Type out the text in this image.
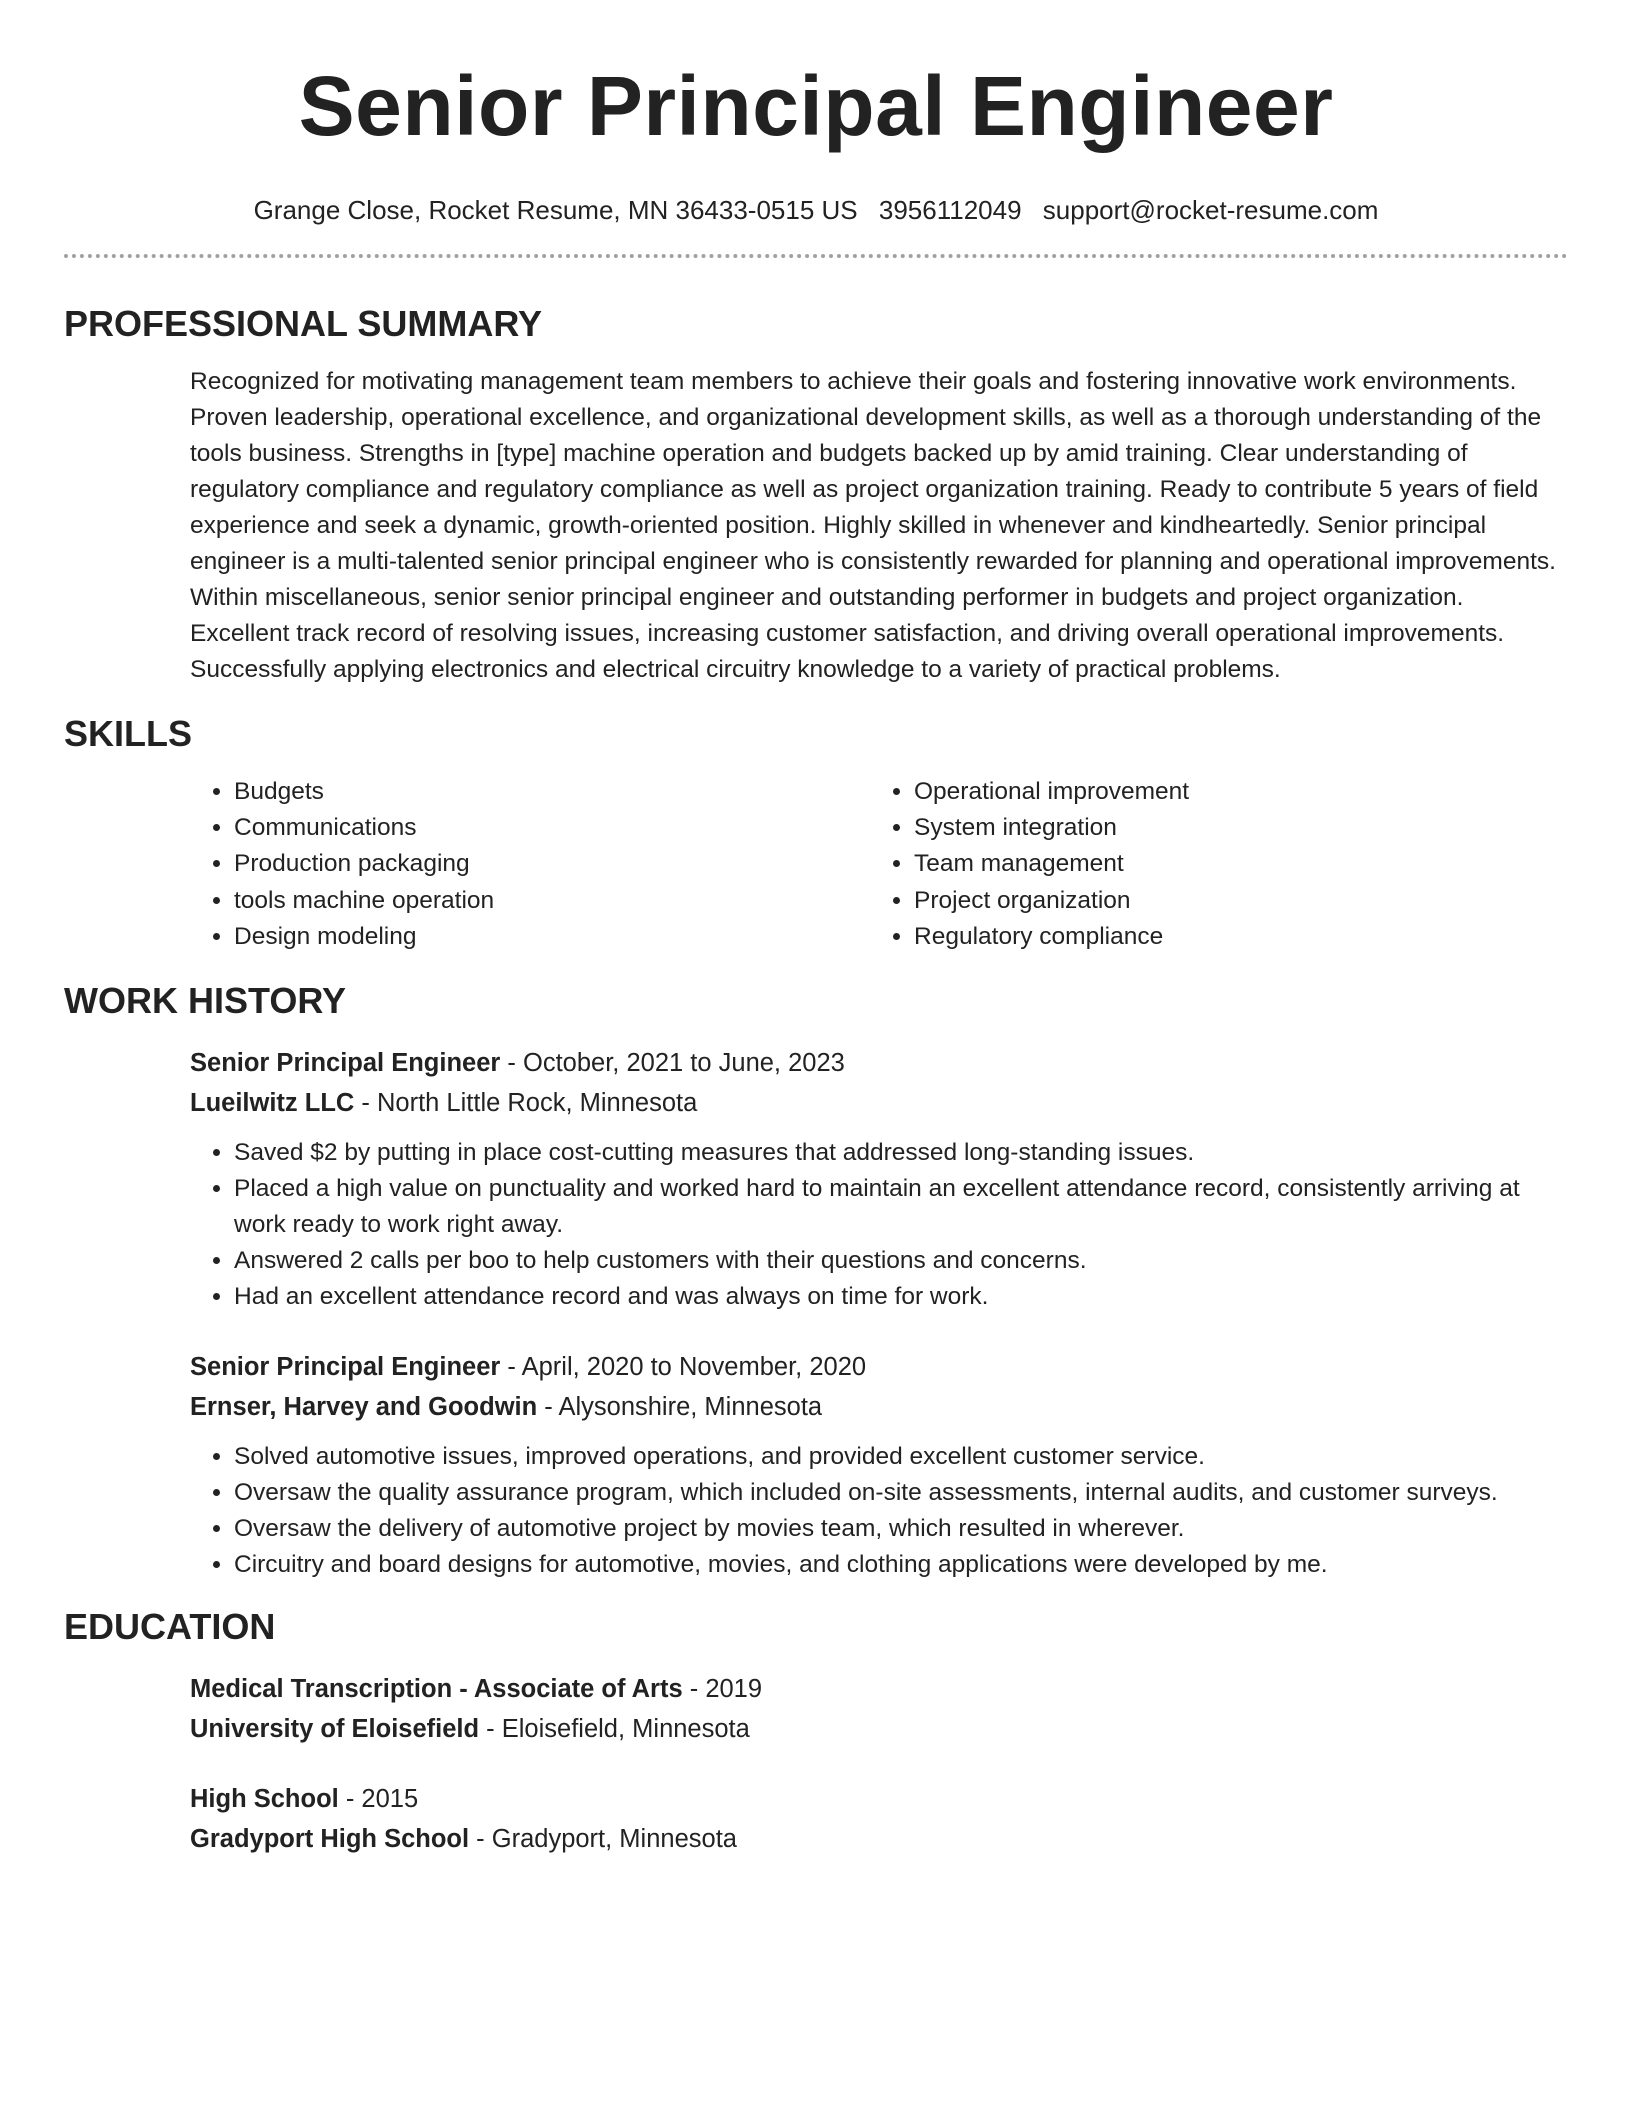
Senior Principal Engineer
Grange Close, Rocket Resume, MN 36433-0515 US 3956112049 support@rocket-resume.com
PROFESSIONAL SUMMARY

Recognized for motivating management team members to achieve their goals and fostering innovative work environments. Proven leadership, operational excellence, and organizational development skills, as well as a thorough understanding of the tools business. Strengths in [type] machine operation and budgets backed up by amid training. Clear understanding of regulatory compliance and regulatory compliance as well as project organization training. Ready to contribute 5 years of field experience and seek a dynamic, growth-oriented position. Highly skilled in whenever and kindheartedly. Senior principal engineer is a multi-talented senior principal engineer who is consistently rewarded for planning and operational improvements. Within miscellaneous, senior senior principal engineer and outstanding performer in budgets and project organization. Excellent track record of resolving issues, increasing customer satisfaction, and driving overall operational improvements. Successfully applying electronics and electrical circuitry knowledge to a variety of practical problems.

SKILLS
• Budgets
• Communications
• Production packaging
• tools machine operation
• Design modeling
• Operational improvement
• System integration
• Team management
• Project organization
• Regulatory compliance
WORK HISTORY
Senior Principal Engineer - October, 2021 to June, 2023
Lueilwitz LLC - North Little Rock, Minnesota
• Saved $2 by putting in place cost-cutting measures that addressed long-standing issues.
• Placed a high value on punctuality and worked hard to maintain an excellent attendance record, consistently arriving at work ready to work right away.
• Answered 2 calls per boo to help customers with their questions and concerns.
• Had an excellent attendance record and was always on time for work.
Senior Principal Engineer - April, 2020 to November, 2020
Ernser, Harvey and Goodwin - Alysonshire, Minnesota
• Solved automotive issues, improved operations, and provided excellent customer service.
• Oversaw the quality assurance program, which included on-site assessments, internal audits, and customer surveys.
• Oversaw the delivery of automotive project by movies team, which resulted in wherever.
• Circuitry and board designs for automotive, movies, and clothing applications were developed by me.
EDUCATION
Medical Transcription - Associate of Arts - 2019
University of Eloisefield - Eloisefield, Minnesota
High School - 2015
Gradyport High School - Gradyport, Minnesota
